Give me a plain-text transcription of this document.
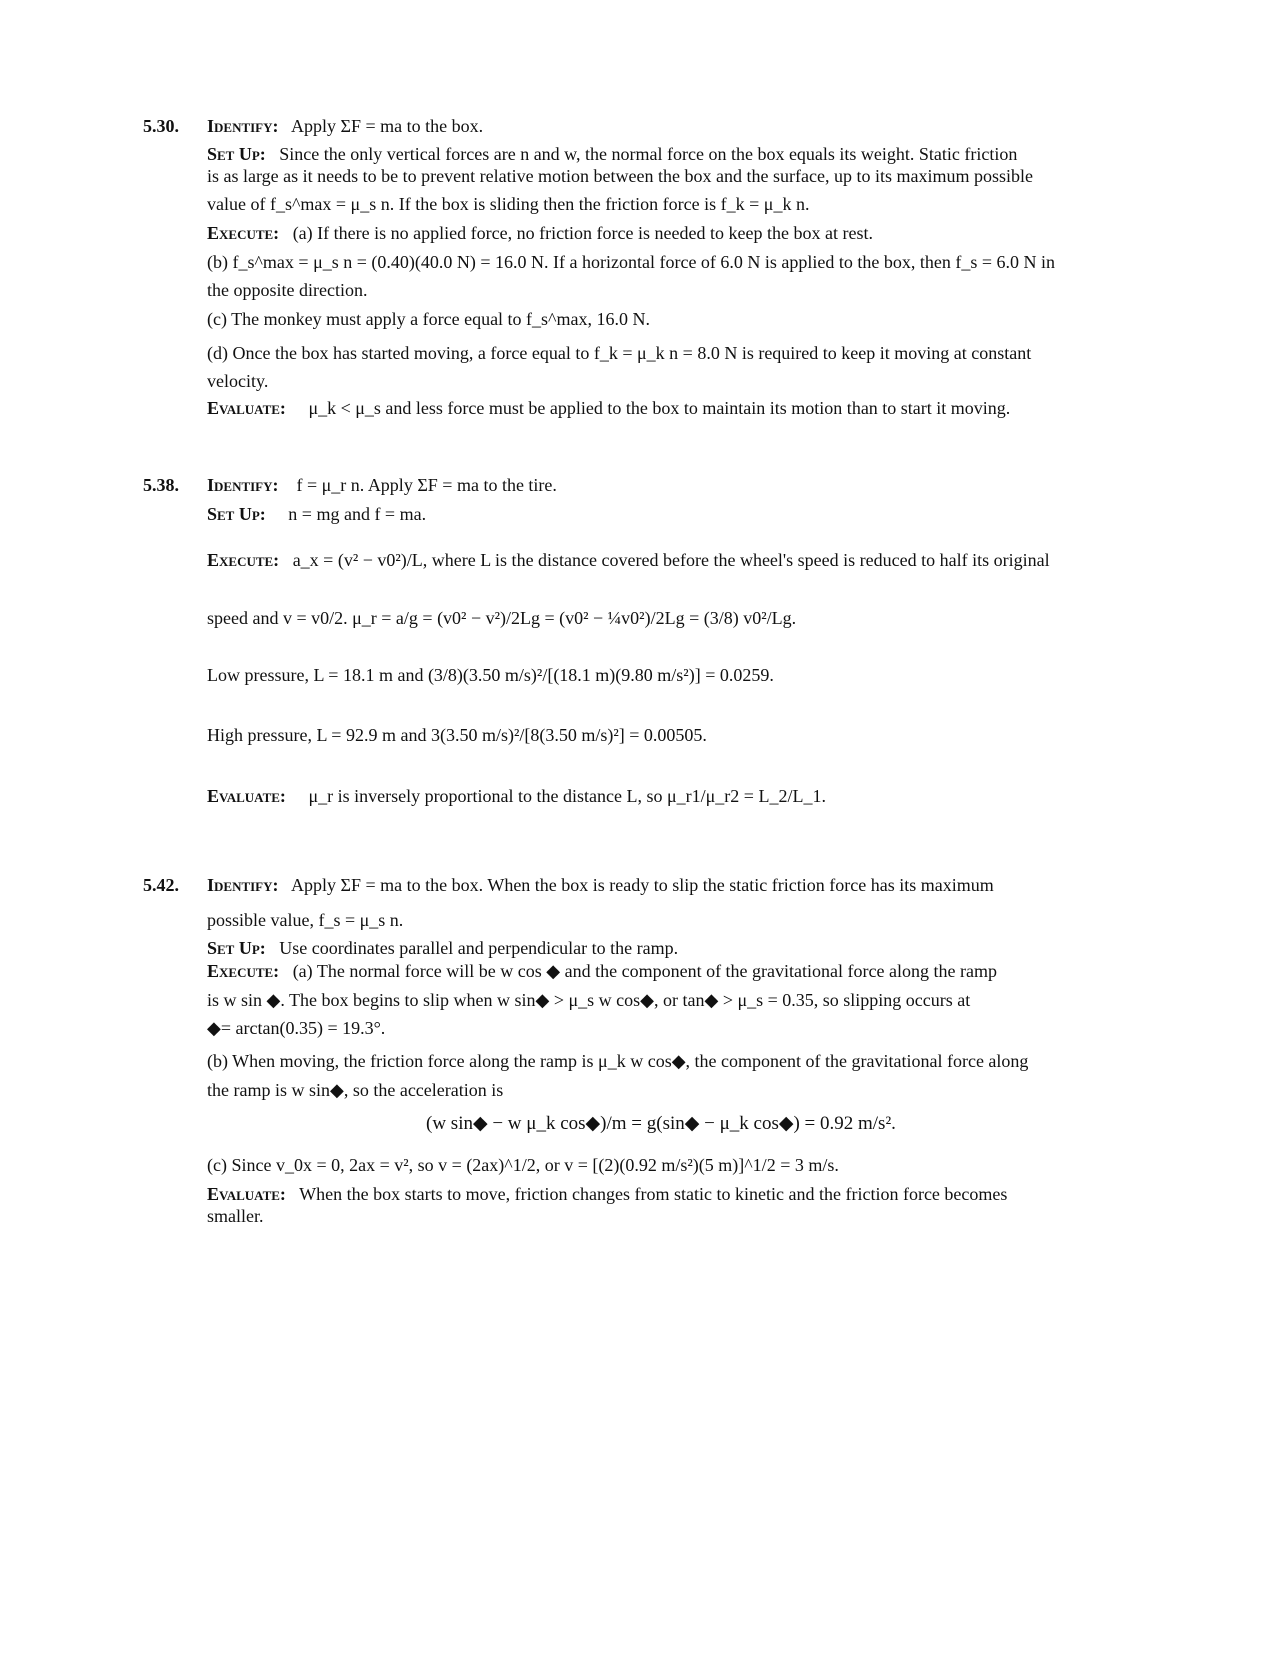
5.30. Identify: Apply ΣF = ma to the box.
Set Up: Since the only vertical forces are n and w, the normal force on the box equals its weight. Static friction
is as large as it needs to be to prevent relative motion between the box and the surface, up to its maximum possible
value of f_s^max = μ_s n. If the box is sliding then the friction force is f_k = μ_k n.
Execute: (a) If there is no applied force, no friction force is needed to keep the box at rest.
(b) f_s^max = μ_s n = (0.40)(40.0 N) = 16.0 N. If a horizontal force of 6.0 N is applied to the box, then f_s = 6.0 N in
the opposite direction.
(c) The monkey must apply a force equal to f_s^max, 16.0 N.
(d) Once the box has started moving, a force equal to f_k = μ_k n = 8.0 N is required to keep it moving at constant
velocity.
Evaluate: μ_k < μ_s and less force must be applied to the box to maintain its motion than to start it moving.
5.38. Identify: f = μ_r n. Apply ΣF = ma to the tire.
Set Up: n = mg and f = ma.
Execute: a_x = (v² − v0²)/L, where L is the distance covered before the wheel's speed is reduced to half its original
speed and v = v0/2. μ_r = a/g = (v0² − v²)/2Lg = (v0² − ¼v0²)/2Lg = (3/8) v0²/Lg.
Low pressure, L = 18.1 m and (3/8)(3.50 m/s)²/[(18.1 m)(9.80 m/s²)] = 0.0259.
High pressure, L = 92.9 m and 3(3.50 m/s)²/[8(3.50 m/s)²] = 0.00505.
Evaluate: μ_r is inversely proportional to the distance L, so μ_r1/μ_r2 = L_2/L_1.
5.42. Identify: Apply ΣF = ma to the box. When the box is ready to slip the static friction force has its maximum
possible value, f_s = μ_s n.
Set Up: Use coordinates parallel and perpendicular to the ramp.
Execute: (a) The normal force will be w cos ◆ and the component of the gravitational force along the ramp
is w sin ◆. The box begins to slip when w sin◆ > μ_s w cos◆, or tan◆ > μ_s = 0.35, so slipping occurs at
◆= arctan(0.35) = 19.3°.
(b) When moving, the friction force along the ramp is μ_k w cos◆, the component of the gravitational force along
the ramp is w sin◆, so the acceleration is
(w sin◆ − w μ_k cos◆)/m = g(sin◆ − μ_k cos◆) = 0.92 m/s².
(c) Since v_0x = 0, 2ax = v², so v = (2ax)^1/2, or v = [(2)(0.92 m/s²)(5 m)]^1/2 = 3 m/s.
Evaluate: When the box starts to move, friction changes from static to kinetic and the friction force becomes
smaller.
